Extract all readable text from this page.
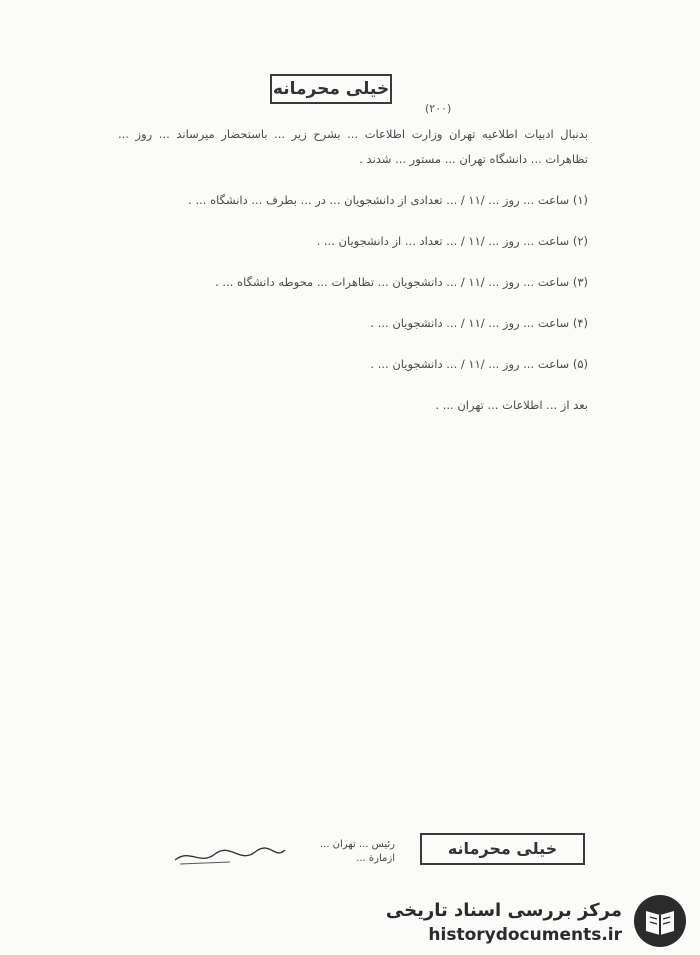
خیلی محرمانه
(۲۰۰)

بدنبال ادبیات اطلاعیه تهران وزارت اطلاعات ... بشرح زیر ... باستحضار میرساند ... روز ... تظاهرات ... دانشگاه تهران ... مستور ... شدند .

(۱) ساعت ... روز ... /۱۱ / ... تعدادی از دانشجویان ... در ... بطرف ... دانشگاه ... .

(۲) ساعت ... روز ... /۱۱ / ... تعداد ... از دانشجویان ... .

(۳) ساعت ... روز ... /۱۱ / ... دانشجویان ... تظاهرات ... محوطه دانشگاه ... .

(۴) ساعت ... روز ... /۱۱ / ... دانشجویان ... .

(۵) ساعت ... روز ... /۱۱ / ... دانشجویان ... .

بعد از ... اطلاعات ... تهران ... .

رئیس ... تهران ...
ازمارة ...
خیلی محرمانه
مرکز بررسی اسناد تاریخی
historydocuments.ir
